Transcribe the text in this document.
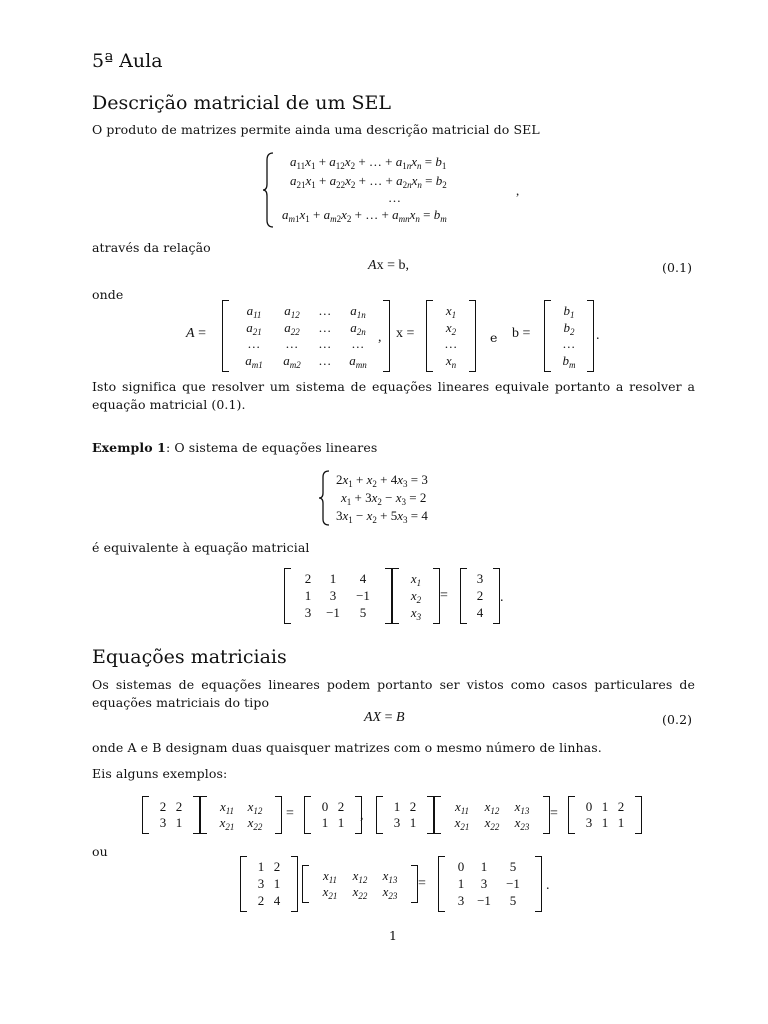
5ª Aula
Descrição matricial de um SEL
O produto de matrizes permite ainda uma descrição matricial do SEL
$a_{11}x_1 + a_{12}x_2$ + … + $a_{1n}x_n = b_1$
$a_{21}x_1 + a_{22}x_2$ + … + $a_{2n}x_n = b_2$
…
$a_{m1}x_1 + a_{m2}x_2$ + … + $a_{mn}x_n = b_m$
,
através da relação
Ax = b,	(0.1)
onde
A =
$a_{11}$	$a_{12}$	…	$a_{1n}$
$a_{21}$	$a_{22}$	…	$a_{2n}$
…	…	…	…
$a_{m1}$	$a_{m2}$	…	$a_{mn}$
, x =
$x_1$
$x_2$
…
$x_n$
e b =
$b_1$
$b_2$
…
$b_m$
.
Isto significa que resolver um sistema de equações lineares equivale portanto a resolver a equação matricial (0.1).
Exemplo 1: O sistema de equações lineares
$2x_1 + x_2 + 4x_3 = 3$
$x_1 + 3x_2 - x_3 = 2$
$3x_1 - x_2 + 5x_3 = 4$
é equivalente à equação matricial
2	1	4
1	3	−1
3	−1	5
$x_1$
$x_2$
$x_3$
=
3
2
4
.
Equações matriciais
Os sistemas de equações lineares podem portanto ser vistos como casos particulares de equações matriciais do tipo
AX = B	(0.2)
onde A e B designam duas quaisquer matrizes com o mesmo número de linhas.
Eis alguns exemplos:
2 2
3 1
$x_{11}$	$x_{12}$
$x_{21}$	$x_{22}$
=	0 2
1 1	,
1 2
3 1
$x_{11}$	$x_{12}$	$x_{13}$
$x_{21}$	$x_{22}$	$x_{23}$
=	0 1 2
3 1 1
ou
1 2
3 1
2 4
$x_{11}$	$x_{12}$	$x_{13}$
$x_{21}$	$x_{22}$	$x_{23}$
=
0	1	5
1	3	−1
3 −1	5
.
1
